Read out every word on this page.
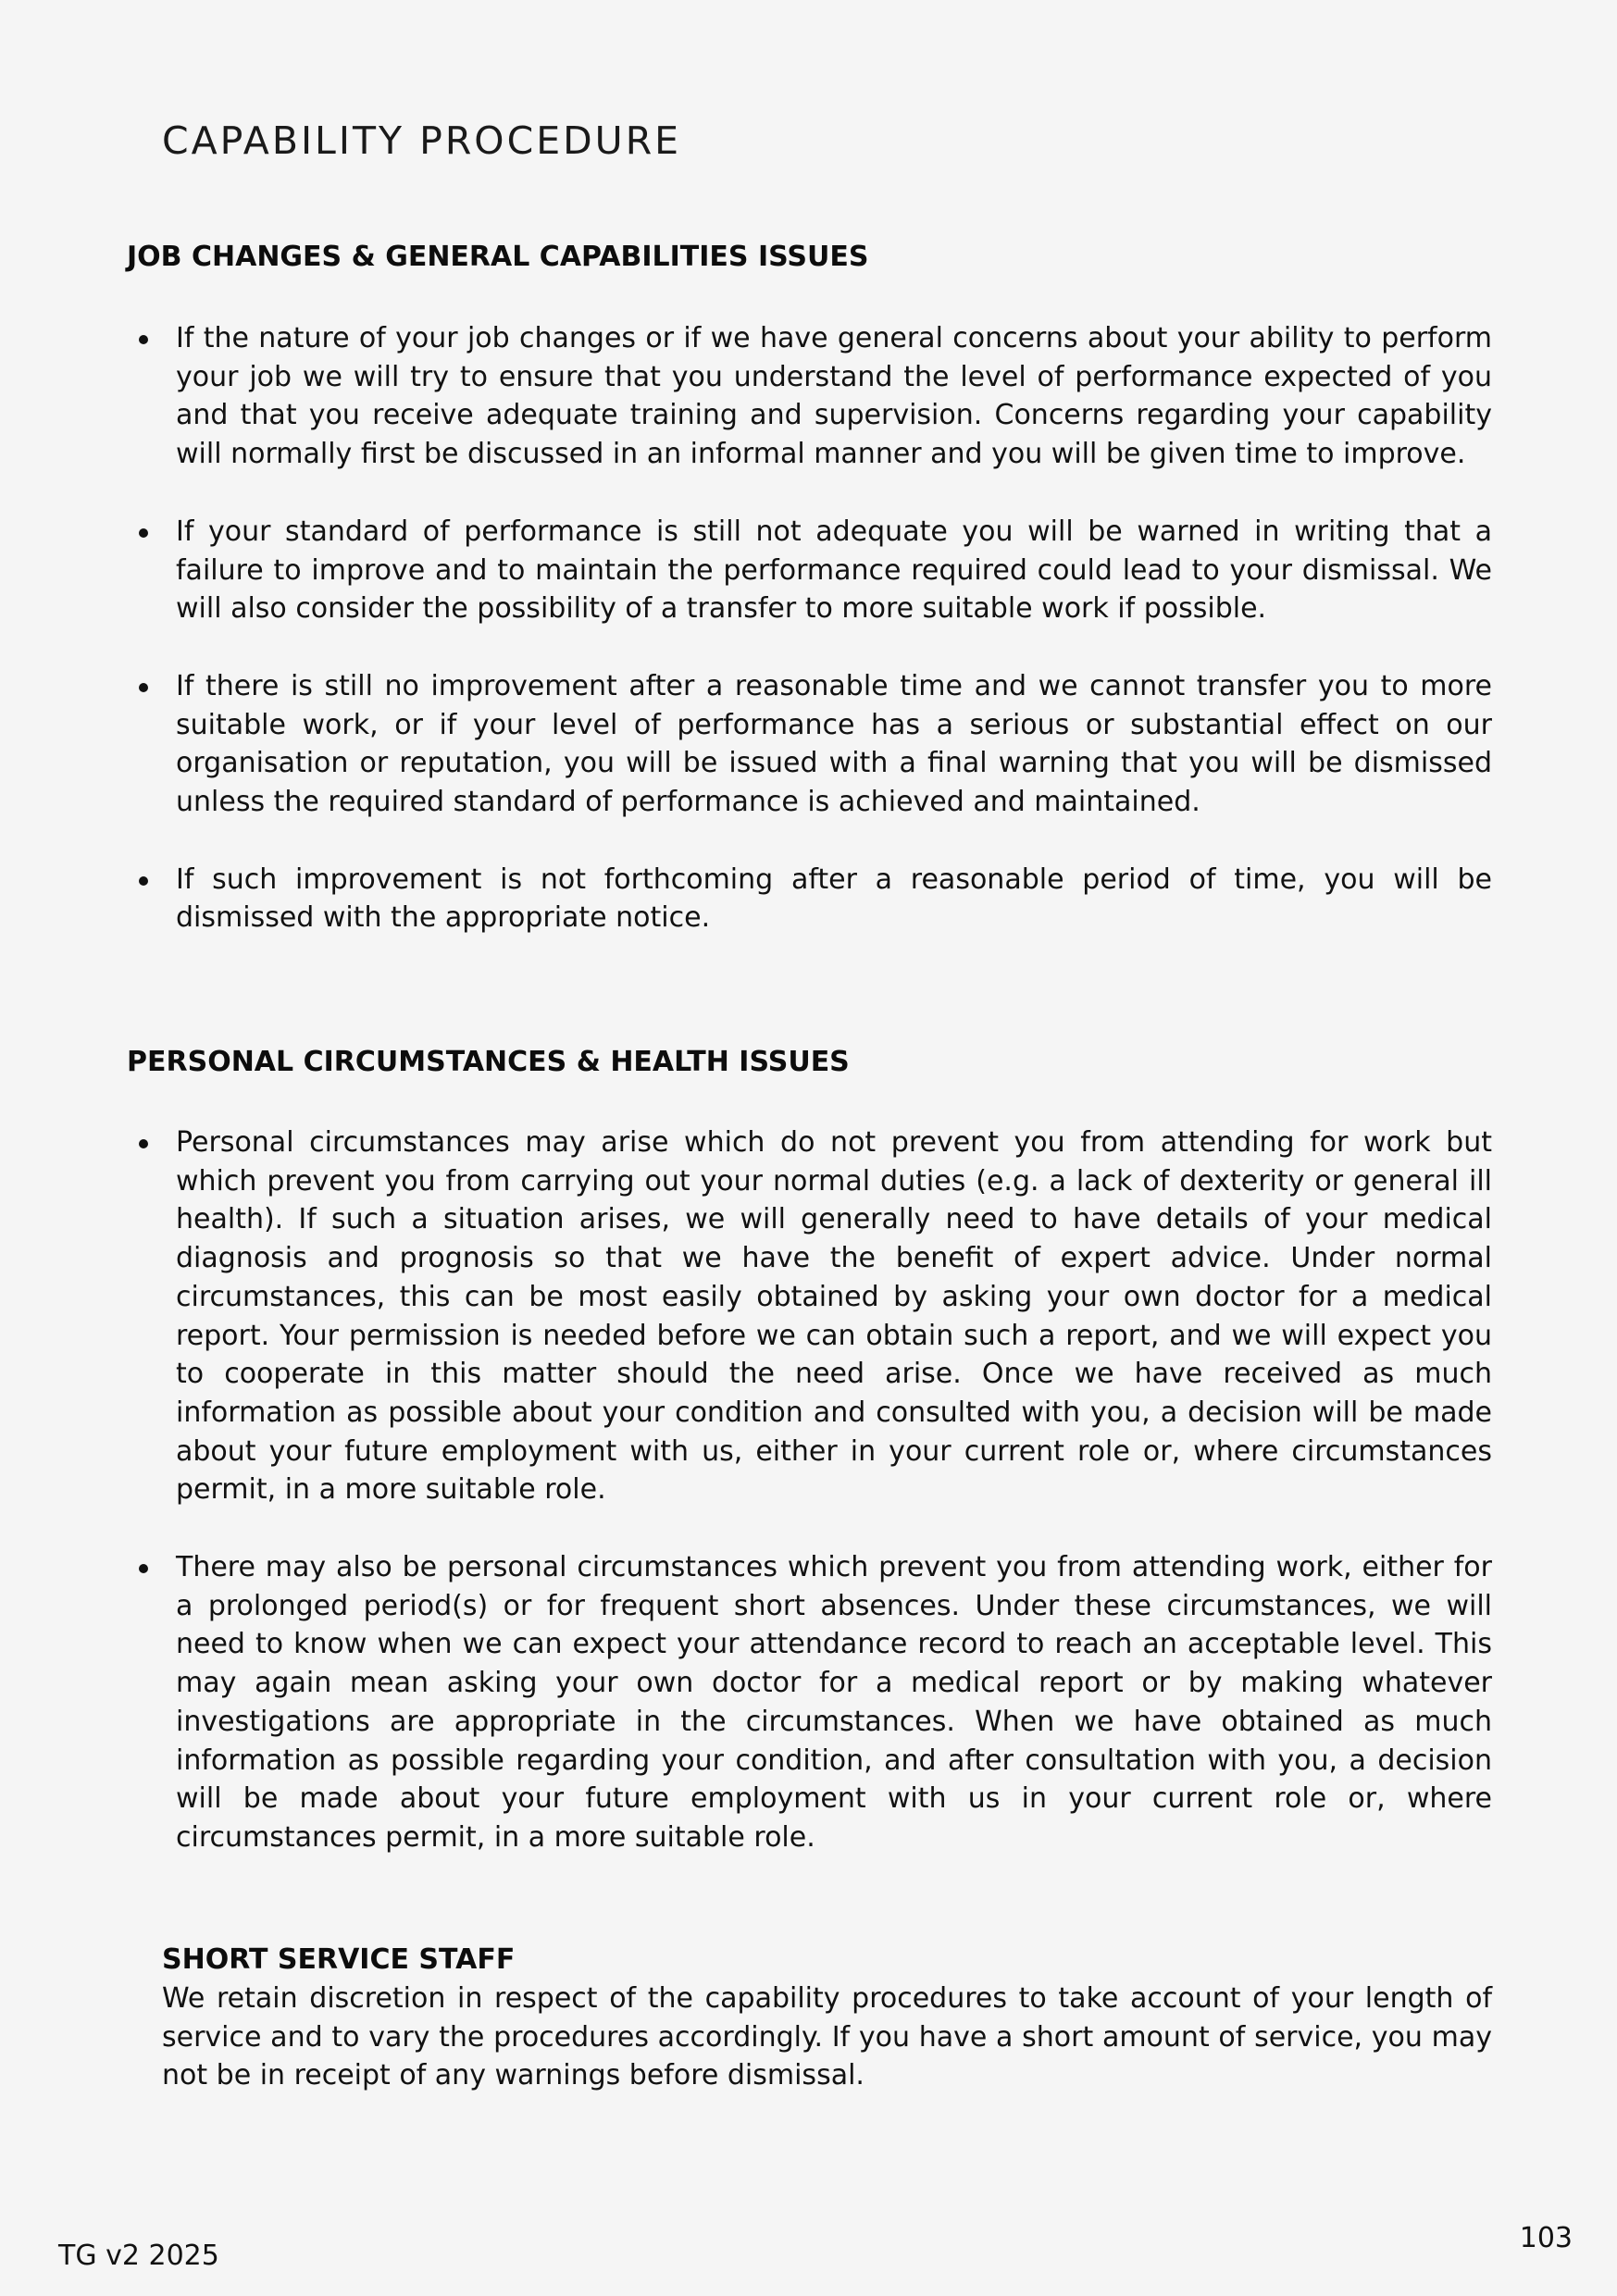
CAPABILITY PROCEDURE
JOB CHANGES & GENERAL CAPABILITIES ISSUES
If the nature of your job changes or if we have general concerns about your ability to perform your job we will try to ensure that you understand the level of performance expected of you and that you receive adequate training and supervision. Concerns regarding your capability will normally first be discussed in an informal manner and you will be given time to improve.
If your standard of performance is still not adequate you will be warned in writing that a failure to improve and to maintain the performance required could lead to your dismissal. We will also consider the possibility of a transfer to more suitable work if possible.
If there is still no improvement after a reasonable time and we cannot transfer you to more suitable work, or if your level of performance has a serious or substantial effect on our organisation or reputation, you will be issued with a final warning that you will be dismissed unless the required standard of performance is achieved and maintained.
If such improvement is not forthcoming after a reasonable period of time, you will be dismissed with the appropriate notice.
PERSONAL CIRCUMSTANCES & HEALTH ISSUES
Personal circumstances may arise which do not prevent you from attending for work but which prevent you from carrying out your normal duties (e.g. a lack of dexterity or general ill health). If such a situation arises, we will generally need to have details of your medical diagnosis and prognosis so that we have the benefit of expert advice. Under normal circumstances, this can be most easily obtained by asking your own doctor for a medical report. Your permission is needed before we can obtain such a report, and we will expect you to cooperate in this matter should the need arise. Once we have received as much information as possible about your condition and consulted with you, a decision will be made about your future employment with us, either in your current role or, where circumstances permit, in a more suitable role.
There may also be personal circumstances which prevent you from attending work, either for a prolonged period(s) or for frequent short absences. Under these circumstances, we will need to know when we can expect your attendance record to reach an acceptable level. This may again mean asking your own doctor for a medical report or by making whatever investigations are appropriate in the circumstances. When we have obtained as much information as possible regarding your condition, and after consultation with you, a decision will be made about your future employment with us in your current role or, where circumstances permit, in a more suitable role.
SHORT SERVICE STAFF

We retain discretion in respect of the capability procedures to take account of your length of service and to vary the procedures accordingly. If you have a short amount of service, you may not be in receipt of any warnings before dismissal.

TG v2 2025
103
